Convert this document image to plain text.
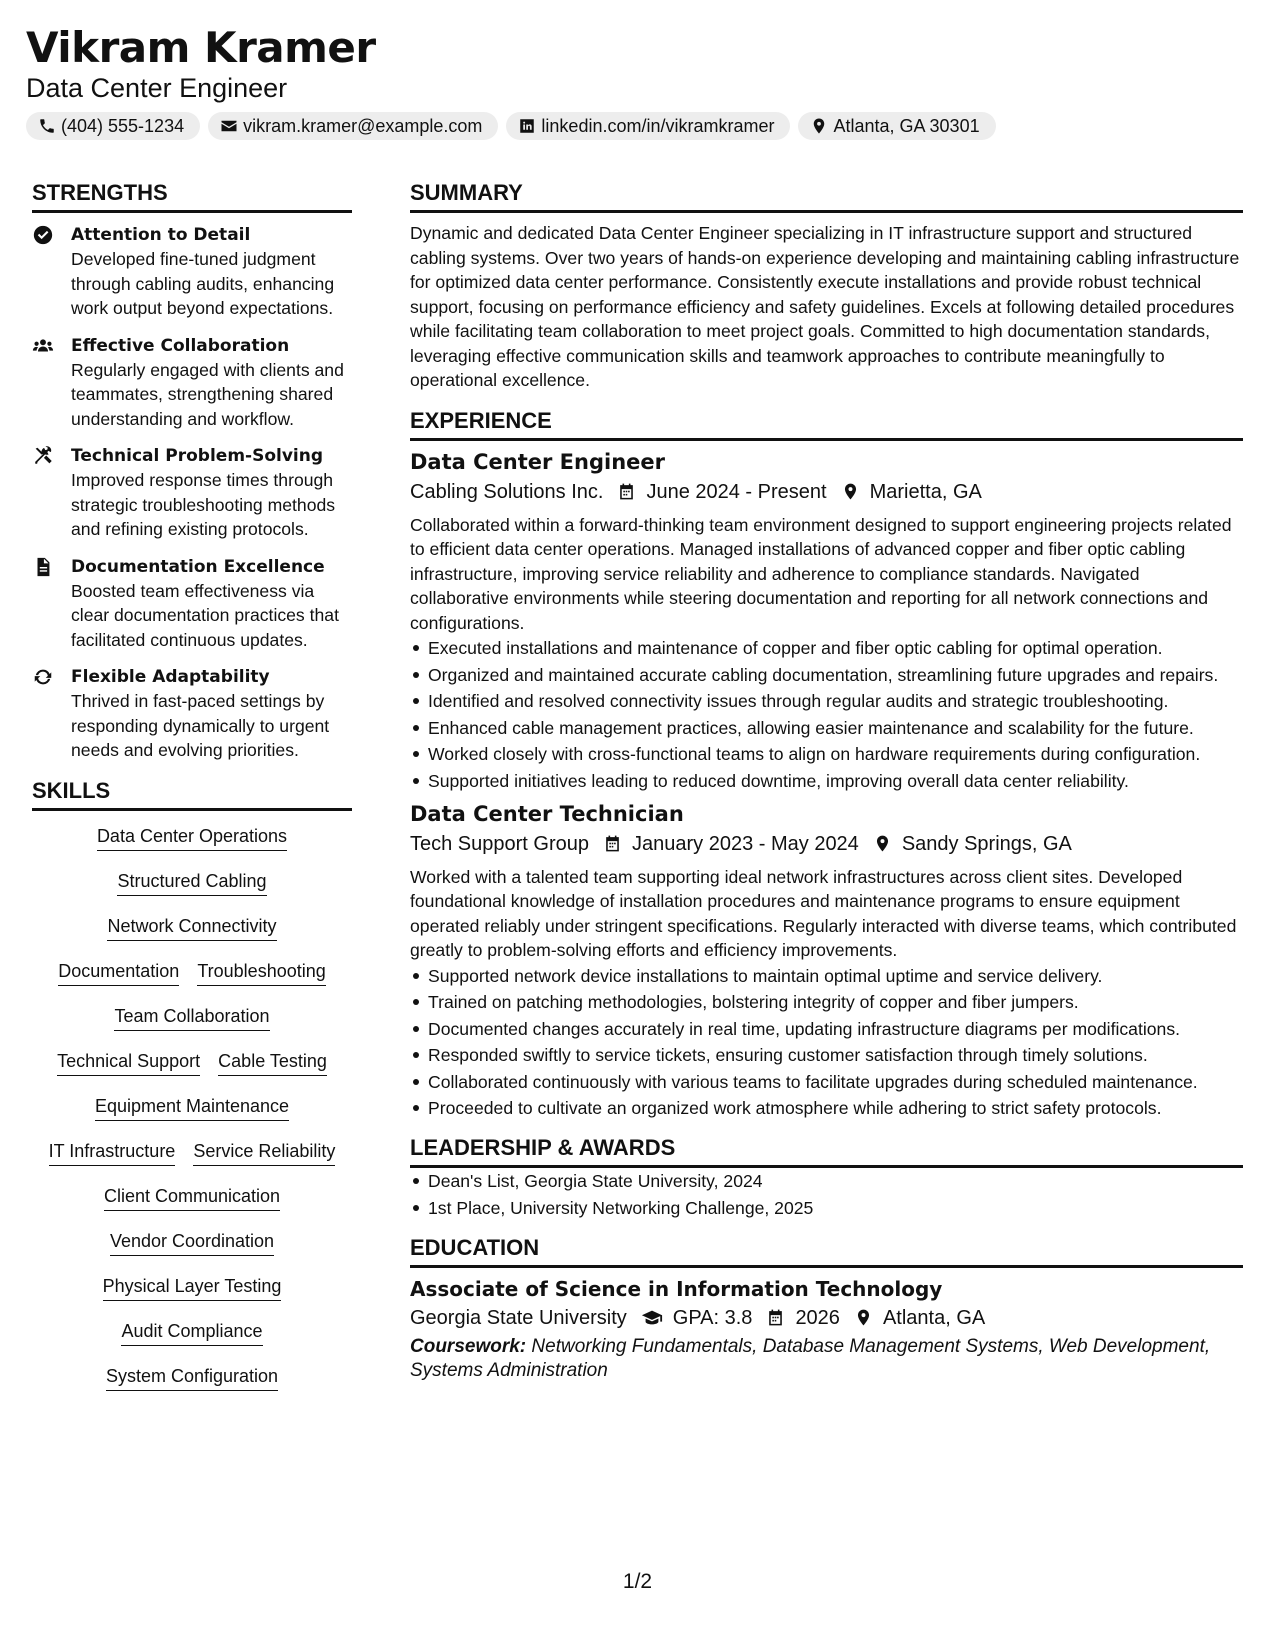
Vikram Kramer
Data Center Engineer
(404) 555-1234	vikram.kramer@example.com	linkedin.com/in/vikramkramer	Atlanta, GA 30301
STRENGTHS
Attention to Detail
Developed fine-tuned judgment through cabling audits, enhancing work output beyond expectations.
Effective Collaboration
Regularly engaged with clients and teammates, strengthening shared understanding and workflow.
Technical Problem-Solving
Improved response times through strategic troubleshooting methods and refining existing protocols.
Documentation Excellence
Boosted team effectiveness via clear documentation practices that facilitated continuous updates.
Flexible Adaptability
Thrived in fast-paced settings by responding dynamically to urgent needs and evolving priorities.
SKILLS
Data Center Operations
Structured Cabling
Network Connectivity
Documentation Troubleshooting
Team Collaboration
Technical Support Cable Testing
Equipment Maintenance
IT Infrastructure Service Reliability
Client Communication
Vendor Coordination
Physical Layer Testing
Audit Compliance
System Configuration
SUMMARY
Dynamic and dedicated Data Center Engineer specializing in IT infrastructure support and structured cabling systems. Over two years of hands-on experience developing and maintaining cabling infrastructure for optimized data center performance. Consistently execute installations and provide robust technical support, focusing on performance efficiency and safety guidelines. Excels at following detailed procedures while facilitating team collaboration to meet project goals. Committed to high documentation standards, leveraging effective communication skills and teamwork approaches to contribute meaningfully to operational excellence.
EXPERIENCE
Data Center Engineer
Cabling Solutions Inc. June 2024 - Present Marietta, GA
Collaborated within a forward-thinking team environment designed to support engineering projects related to efficient data center operations. Managed installations of advanced copper and fiber optic cabling infrastructure, improving service reliability and adherence to compliance standards. Navigated collaborative environments while steering documentation and reporting for all network connections and configurations.
Executed installations and maintenance of copper and fiber optic cabling for optimal operation.
Organized and maintained accurate cabling documentation, streamlining future upgrades and repairs.
Identified and resolved connectivity issues through regular audits and strategic troubleshooting.
Enhanced cable management practices, allowing easier maintenance and scalability for the future.
Worked closely with cross-functional teams to align on hardware requirements during configuration.
Supported initiatives leading to reduced downtime, improving overall data center reliability.
Data Center Technician
Tech Support Group January 2023 - May 2024 Sandy Springs, GA
Worked with a talented team supporting ideal network infrastructures across client sites. Developed foundational knowledge of installation procedures and maintenance programs to ensure equipment operated reliably under stringent specifications. Regularly interacted with diverse teams, which contributed greatly to problem-solving efforts and efficiency improvements.
Supported network device installations to maintain optimal uptime and service delivery.
Trained on patching methodologies, bolstering integrity of copper and fiber jumpers.
Documented changes accurately in real time, updating infrastructure diagrams per modifications.
Responded swiftly to service tickets, ensuring customer satisfaction through timely solutions.
Collaborated continuously with various teams to facilitate upgrades during scheduled maintenance.
Proceeded to cultivate an organized work atmosphere while adhering to strict safety protocols.
LEADERSHIP & AWARDS
Dean's List, Georgia State University, 2024
1st Place, University Networking Challenge, 2025
EDUCATION
Associate of Science in Information Technology
Georgia State University GPA: 3.8 2026 Atlanta, GA
Coursework: Networking Fundamentals, Database Management Systems, Web Development, Systems Administration
1/2
